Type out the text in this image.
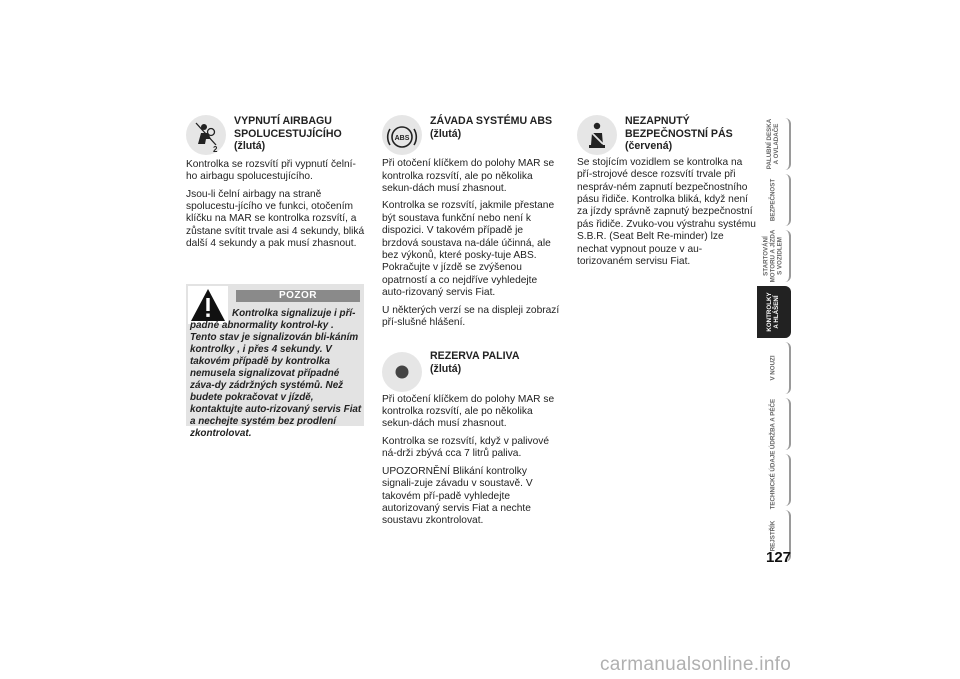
2
VYPNUTÍ AIRBAGU
SPOLUCESTUJÍCÍHO
(žlutá)

Kontrolka se rozsvítí při vypnutí čelní-ho airbagu spolucestujícího.

Jsou-li čelní airbagy na straně spolucestu-jícího ve funkci, otočením klíčku na MAR se kontrolka rozsvítí, a zůstane svítit trvale asi 4 sekundy, bliká další 4 sekundy a pak musí zhasnout.

POZOR
Kontrolka signalizuje i pří-padné abnormality kontrol-ky . Tento stav je signalizován bli-káním kontrolky , i přes 4 sekundy. V takovém případě by kontrolka nemusela signalizovat případné záva-dy zádržných systémů. Než budete pokračovat v jízdě, kontaktujte auto-rizovaný servis Fiat a nechejte systém bez prodlení zkontrolovat.
ABS
ZÁVADA SYSTÉMU ABS
(žlutá)

Při otočení klíčkem do polohy MAR se kontrolka rozsvítí, ale po několika sekun-dách musí zhasnout.

Kontrolka se rozsvítí, jakmile přestane být soustava funkční nebo není k dispozici. V takovém případě je brzdová soustava na-dále účinná, ale bez výkonů, které posky-tuje ABS. Pokračujte v jízdě se zvýšenou opatrností a co nejdříve vyhledejte auto-rizovaný servis Fiat.

U některých verzí se na displeji zobrazí pří-slušné hlášení.

REZERVA PALIVA
(žlutá)

Při otočení klíčkem do polohy MAR se kontrolka rozsvítí, ale po několika sekun-dách musí zhasnout.

Kontrolka se rozsvítí, když v palivové ná-drži zbývá cca 7 litrů paliva.

UPOZORNĚNÍ Blikání kontrolky signali-zuje závadu v soustavě. V takovém pří-padě vyhledejte autorizovaný servis Fiat a nechte soustavu zkontrolovat.

NEZAPNUTÝ
BEZPEČNOSTNÍ PÁS
(červená)

Se stojícím vozidlem se kontrolka na pří-strojové desce rozsvítí trvale při nespráv-ném zapnutí bezpečnostního pásu řidiče. Kontrolka bliká, když není za jízdy správně zapnutý bezpečnostní pás řidiče. Zvuko-vou výstrahu systému S.B.R. (Seat Belt Re-minder) lze nechat vypnout pouze v au-torizovaném servisu Fiat.

PALUBNÍ DESKA
A OVLADAČE
BEZPEČNOST
STARTOVÁNÍ
MOTORU A JÍZDA
S VOZIDLEM
KONTROLKY
A HLÁŠENÍ
V NOUZI
ÚDRŽBA A PÉČE
TECHNICKÉ ÚDAJE
REJSTŘÍK
127
carmanualsonline.info
